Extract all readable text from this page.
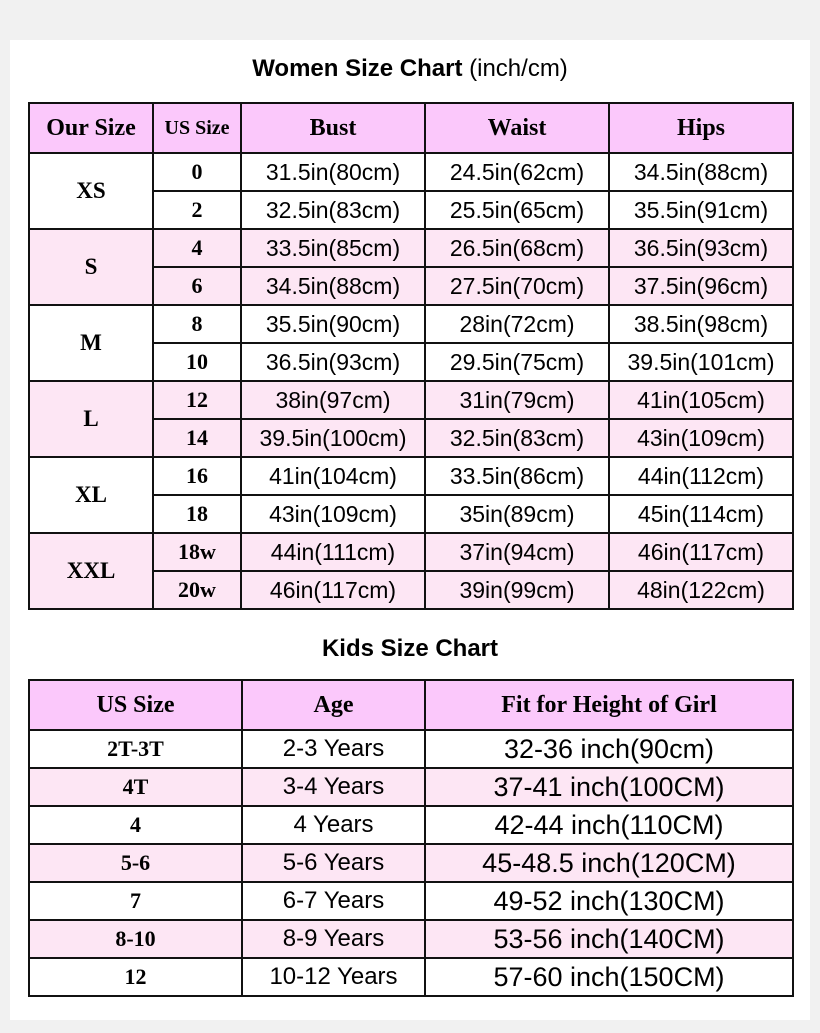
Women Size Chart (inch/cm)
Our Size	US Size	Bust	Waist	Hips
XS	0	31.5in(80cm)	24.5in(62cm)	34.5in(88cm)
	2	32.5in(83cm)	25.5in(65cm)	35.5in(91cm)
S	4	33.5in(85cm)	26.5in(68cm)	36.5in(93cm)
	6	34.5in(88cm)	27.5in(70cm)	37.5in(96cm)
M	8	35.5in(90cm)	28in(72cm)	38.5in(98cm)
	10	36.5in(93cm)	29.5in(75cm)	39.5in(101cm)
L	12	38in(97cm)	31in(79cm)	41in(105cm)
	14	39.5in(100cm)	32.5in(83cm)	43in(109cm)
XL	16	41in(104cm)	33.5in(86cm)	44in(112cm)
	18	43in(109cm)	35in(89cm)	45in(114cm)
XXL	18w	44in(111cm)	37in(94cm)	46in(117cm)
	20w	46in(117cm)	39in(99cm)	48in(122cm)
Kids Size Chart
US Size	Age	Fit for Height of Girl
2T-3T	2-3 Years	32-36 inch(90cm)
4T	3-4 Years	37-41 inch(100CM)
4	4 Years	42-44 inch(110CM)
5-6	5-6 Years	45-48.5 inch(120CM)
7	6-7 Years	49-52 inch(130CM)
8-10	8-9 Years	53-56 inch(140CM)
12	10-12 Years	57-60 inch(150CM)
